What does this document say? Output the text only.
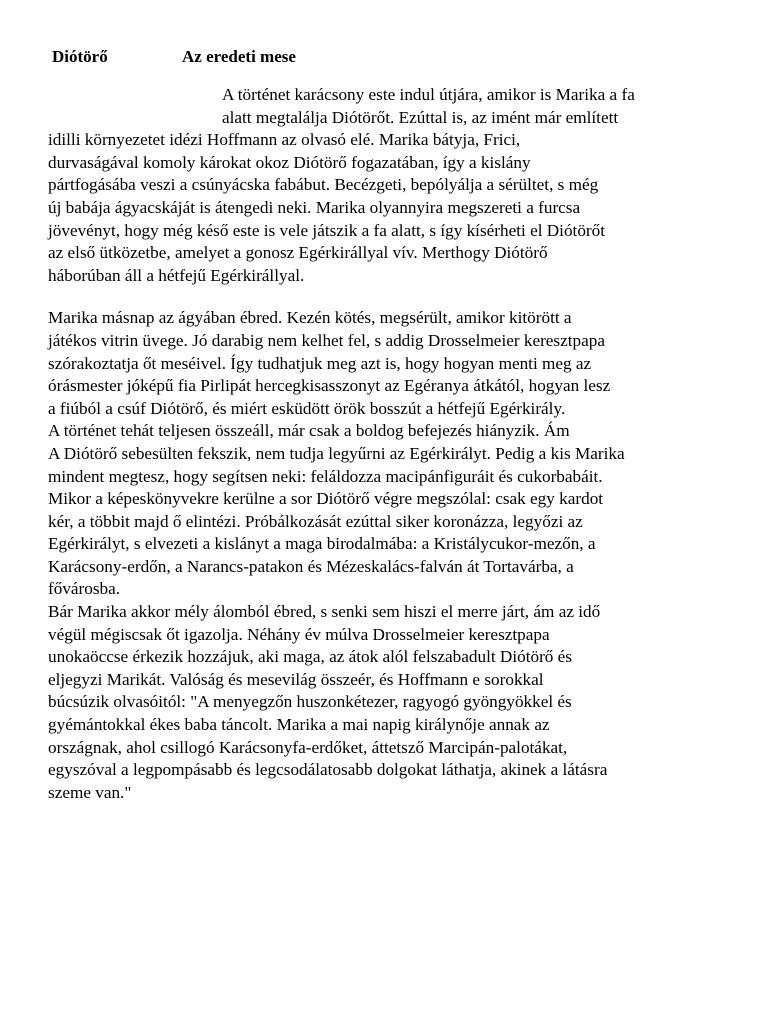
Diótörő	Az eredeti mese
A történet karácsony este indul útjára, amikor is Marika a fa
alatt megtalálja Diótörőt. Ezúttal is, az imént már említett
idilli környezetet idézi Hoffmann az olvasó elé. Marika bátyja, Frici,
durvaságával komoly károkat okoz Diótörő fogazatában, így a kislány
pártfogásába veszi a csúnyácska fabábut. Becézgeti, bepólyálja a sérültet, s még
új babája ágyacskáját is átengedi neki. Marika olyannyira megszereti a furcsa
jövevényt, hogy még késő este is vele játszik a fa alatt, s így kísérheti el Diótörőt
az első ütközetbe, amelyet a gonosz Egérkirállyal vív. Merthogy Diótörő
háborúban áll a hétfejű Egérkirállyal.
Marika másnap az ágyában ébred. Kezén kötés, megsérült, amikor kitörött a
játékos vitrin üvege. Jó darabig nem kelhet fel, s addig Drosselmeier keresztpapa
szórakoztatja őt meséivel. Így tudhatjuk meg azt is, hogy hogyan menti meg az
órásmester jóképű fia Pirlipát hercegkisasszonyt az Egéranya átkától, hogyan lesz
a fiúból a csúf Diótörő, és miért esküdött örök bosszút a hétfejű Egérkirály.
A történet tehát teljesen összeáll, már csak a boldog befejezés hiányzik. Ám
A Diótörő sebesülten fekszik, nem tudja legyűrni az Egérkirályt. Pedig a kis Marika
mindent megtesz, hogy segítsen neki: feláldozza macipánfiguráit és cukorbabáit.
Mikor a képeskönyvekre kerülne a sor Diótörő végre megszólal: csak egy kardot
kér, a többit majd ő elintézi. Próbálkozását ezúttal siker koronázza, legyőzi az
Egérkirályt, s elvezeti a kislányt a maga birodalmába: a Kristálycukor-mezőn, a
Karácsony-erdőn, a Narancs-patakon és Mézeskalács-falván át Tortavárba, a
fővárosba.
Bár Marika akkor mély álomból ébred, s senki sem hiszi el merre járt, ám az idő
végül mégiscsak őt igazolja. Néhány év múlva Drosselmeier keresztpapa
unokaöccse érkezik hozzájuk, aki maga, az átok alól felszabadult Diótörő és
eljegyzi Marikát. Valóság és mesevilág összeér, és Hoffmann e sorokkal
búcsúzik olvasóitól: "A menyegzőn huszonkétezer, ragyogó gyöngyökkel és
gyémántokkal ékes baba táncolt. Marika a mai napig királynője annak az
országnak, ahol csillogó Karácsonyfa-erdőket, áttetsző Marcipán-palotákat,
egyszóval a legpompásabb és legcsodálatosabb dolgokat láthatja, akinek a látásra
szeme van."
